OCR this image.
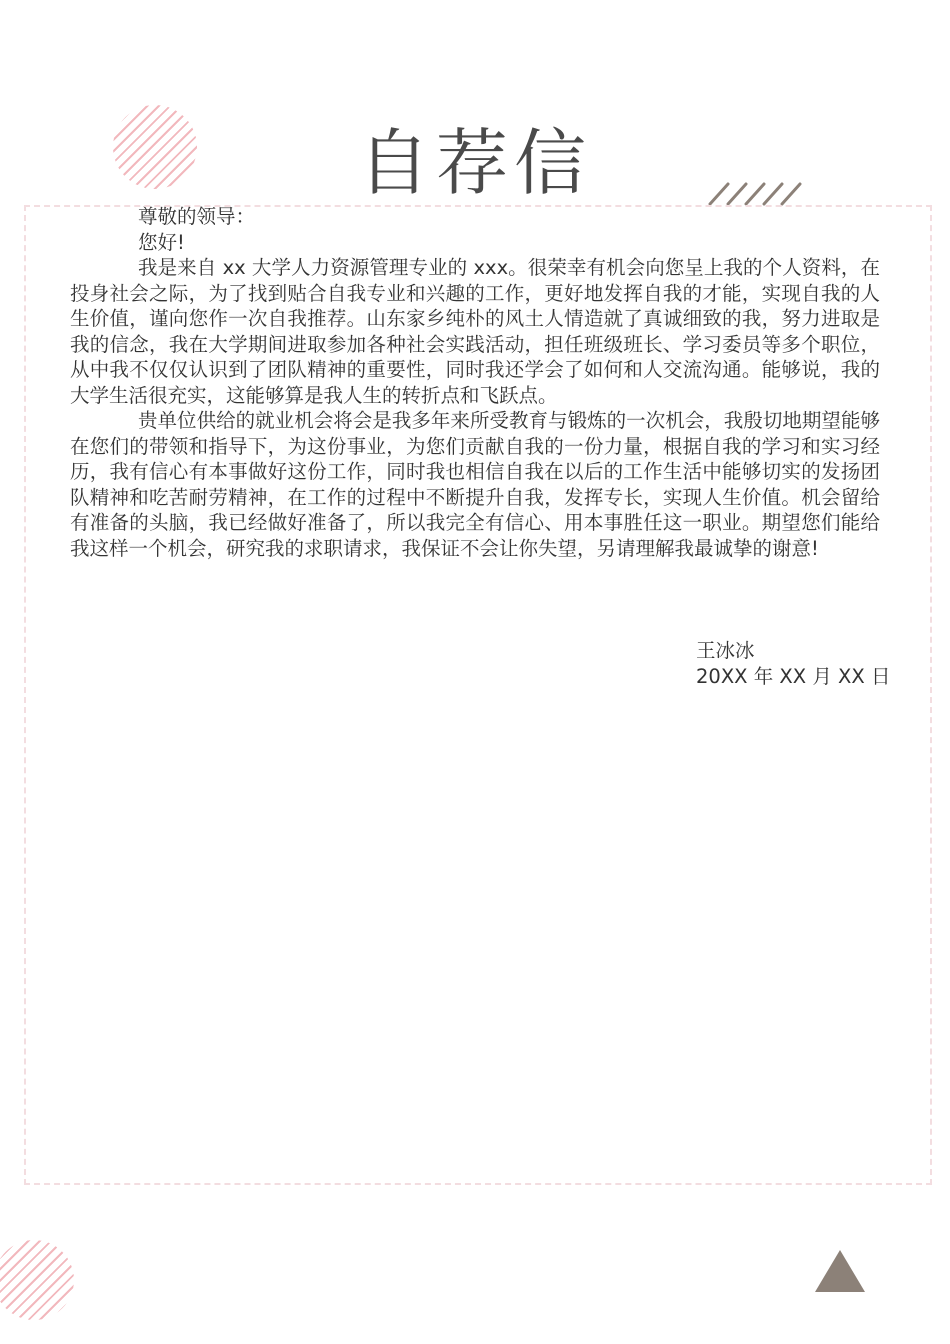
自荐信

尊敬的领导：

您好!

我是来自 xx 大学人力资源管理专业的 xxx。很荣幸有机会向您呈上我的个人资料，在投身社会之际，为了找到贴合自我专业和兴趣的工作，更好地发挥自我的才能，实现自我的人生价值，谨向您作一次自我推荐。山东家乡纯朴的风土人情造就了真诚细致的我，努力进取是我的信念，我在大学期间进取参加各种社会实践活动，担任班级班长、学习委员等多个职位，从中我不仅仅认识到了团队精神的重要性，同时我还学会了如何和人交流沟通。能够说，我的大学生活很充实，这能够算是我人生的转折点和飞跃点。

贵单位供给的就业机会将会是我多年来所受教育与锻炼的一次机会，我殷切地期望能够在您们的带领和指导下，为这份事业，为您们贡献自我的一份力量，根据自我的学习和实习经历，我有信心有本事做好这份工作，同时我也相信自我在以后的工作生活中能够切实的发扬团队精神和吃苦耐劳精神，在工作的过程中不断提升自我，发挥专长，实现人生价值。机会留给有准备的头脑，我已经做好准备了，所以我完全有信心、用本事胜任这一职业。期望您们能给我这样一个机会，研究我的求职请求，我保证不会让你失望，另请理解我最诚挚的谢意!

王冰冰
20XX 年 XX 月 XX 日
